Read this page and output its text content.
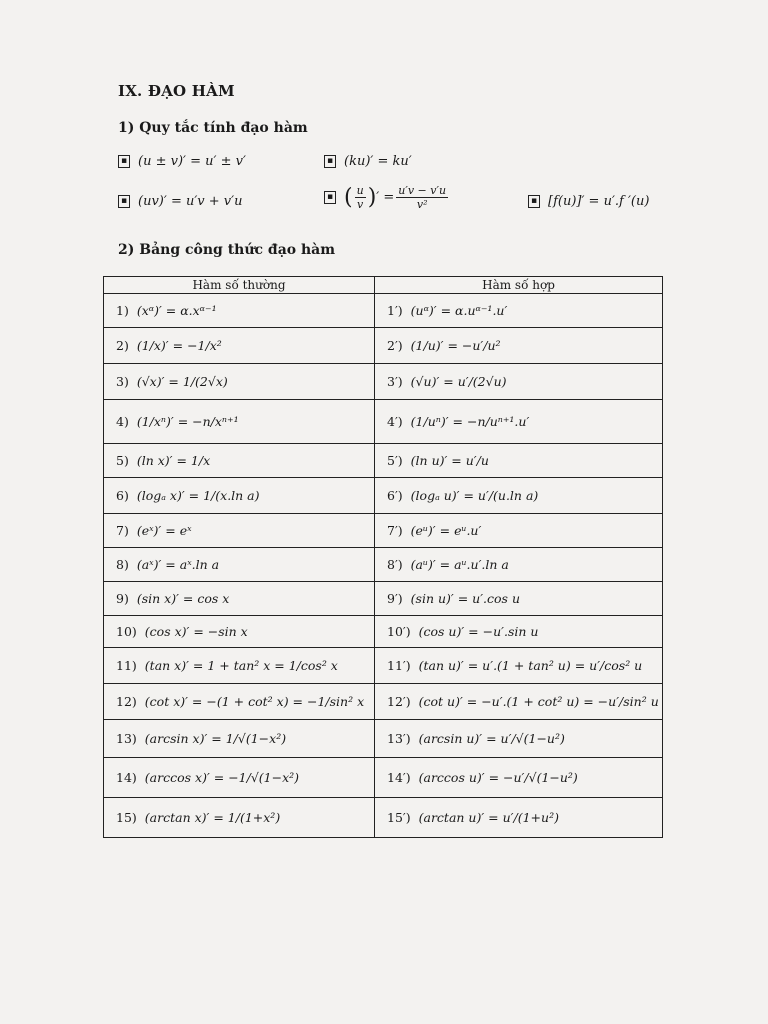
IX. ĐẠO HÀM
1) Quy tắc tính đạo hàm
▪ (u ± v)′ = u′ ± v′	▪ (ku)′ = ku′
▪ (uv)′ = u′v + v′u	▪ ( $\frac{u}{v}$ ) ′ = $\frac{u'v - v'u}{\text{v²}}$	▪ [f(u)]′ = u′.f ′(u)
2) Bảng công thức đạo hàm
Hàm số thường	Hàm số hợp

1) (xᵅ)′ = α.xᵅ⁻¹	1′) (uᵅ)′ = α.uᵅ⁻¹.u′

2) (1/x)′ = −1/x²	2′) (1/u)′ = −u′/u²

3) (√x)′ = 1/(2√x)	3′) (√u)′ = u′/(2√u)

4) (1/xⁿ)′ = −n/xⁿ⁺¹	4′) (1/uⁿ)′ = −n/uⁿ⁺¹.u′

5) (ln x)′ = 1/x	5′) (ln u)′ = u′/u

6) (logₐ x)′ = 1/(x.ln a)	6′) (logₐ u)′ = u′/(u.ln a)

7) (eˣ)′ = eˣ	7′) (eᵘ)′ = eᵘ.u′

8) (aˣ)′ = aˣ.ln a	8′) (aᵘ)′ = aᵘ.u′.ln a

9) (sin x)′ = cos x	9′) (sin u)′ = u′.cos u

10) (cos x)′ = −sin x	10′) (cos u)′ = −u′.sin u

11) (tan x)′ = 1 + tan² x = 1/cos² x	11′) (tan u)′ = u′.(1 + tan² u) = u′/cos² u

12) (cot x)′ = −(1 + cot² x) = −1/sin² x	12′) (cot u)′ = −u′.(1 + cot² u) = −u′/sin² u

13) (arcsin x)′ = 1/√(1−x²)	13′) (arcsin u)′ = u′/√(1−u²)

14) (arccos x)′ = −1/√(1−x²)	14′) (arccos u)′ = −u′/√(1−u²)

15) (arctan x)′ = 1/(1+x²)	15′) (arctan u)′ = u′/(1+u²)
